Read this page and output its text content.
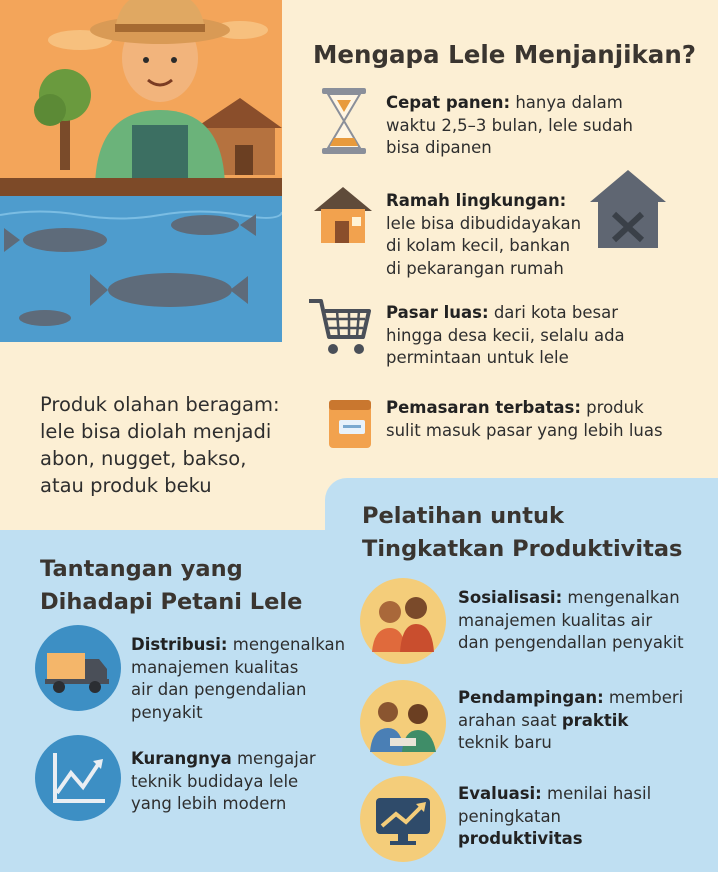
Mengapa Lele Menjanjikan?
Cepat panen: hanya dalam
waktu 2,5–3 bulan, lele sudah
bisa dipanen
Ramah lingkungan:
lele bisa dibudidayakan
di kolam kecil, bankan
di pekarangan rumah
Pasar luas: dari kota besar
hingga desa kecii, selalu ada
permintaan untuk lele
Pemasaran terbatas: produk
sulit masuk pasar yang lebih luas
Produk olahan beragam:
lele bisa diolah menjadi
abon, nugget, bakso,
atau produk beku
Pelatihan untuk
Tingkatkan Produktivitas
Tantangan yang
Dihadapi Petani Lele
Distribusi: mengenalkan
manajemen kualitas
air dan pengendalian
penyakit
Kurangnya mengajar
teknik budidaya lele
yang lebih modern
Sosialisasi: mengenalkan
manajemen kualitas air
dan pengendallan penyakit
Pendampingan: memberi
arahan saat praktik
teknik baru
Evaluasi: menilai hasil
peningkatan
produktivitas
